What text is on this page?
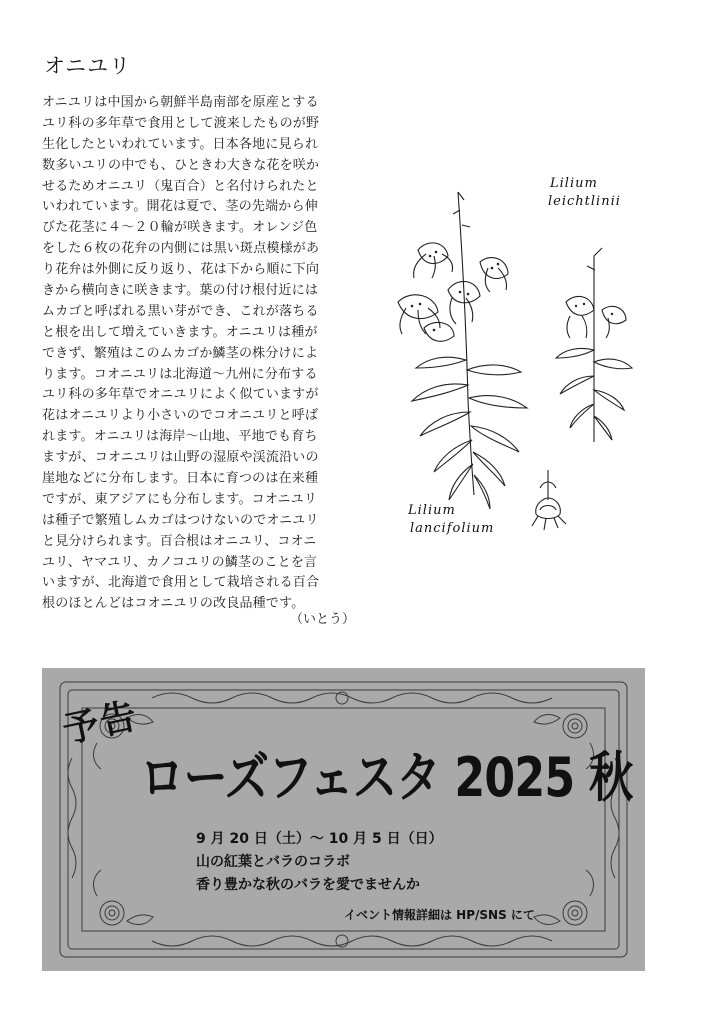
オニユリ
オニユリは中国から朝鮮半島南部を原産とする
ユリ科の多年草で食用として渡来したものが野
生化したといわれています。日本各地に見られ
数多いユリの中でも、ひときわ大きな花を咲か
せるためオニユリ（鬼百合）と名付けられたと
いわれています。開花は夏で、茎の先端から伸
びた花茎に４～２０輪が咲きます。オレンジ色
をした６枚の花弁の内側には黒い斑点模様があ
り花弁は外側に反り返り、花は下から順に下向
きから横向きに咲きます。葉の付け根付近には
ムカゴと呼ばれる黒い芽ができ、これが落ちる
と根を出して増えていきます。オニユリは種が
できず、繁殖はこのムカゴか鱗茎の株分けによ
ります。コオニユリは北海道～九州に分布する
ユリ科の多年草でオニユリによく似ていますが
花はオニユリより小さいのでコオニユリと呼ば
れます。オニユリは海岸～山地、平地でも育ち
ますが、コオニユリは山野の湿原や渓流沿いの
崖地などに分布します。日本に育つのは在来種
ですが、東アジアにも分布します。コオニユリ
は種子で繁殖しムカゴはつけないのでオニユリ
と見分けられます。百合根はオニユリ、コオニ
ユリ、ヤマユリ、カノコユリの鱗茎のことを言
いますが、北海道で食用として栽培される百合
根のほとんどはコオニユリの改良品種です。
（いとう）
Lilium
leichtlinii
Lilium
lancifolium
予告
ローズフェスタ 2025 秋
9 月 20 日（土）～ 10 月 5 日（日）
山の紅葉とバラのコラボ
香り豊かな秋のバラを愛でませんか
イベント情報詳細は HP/SNS にて
